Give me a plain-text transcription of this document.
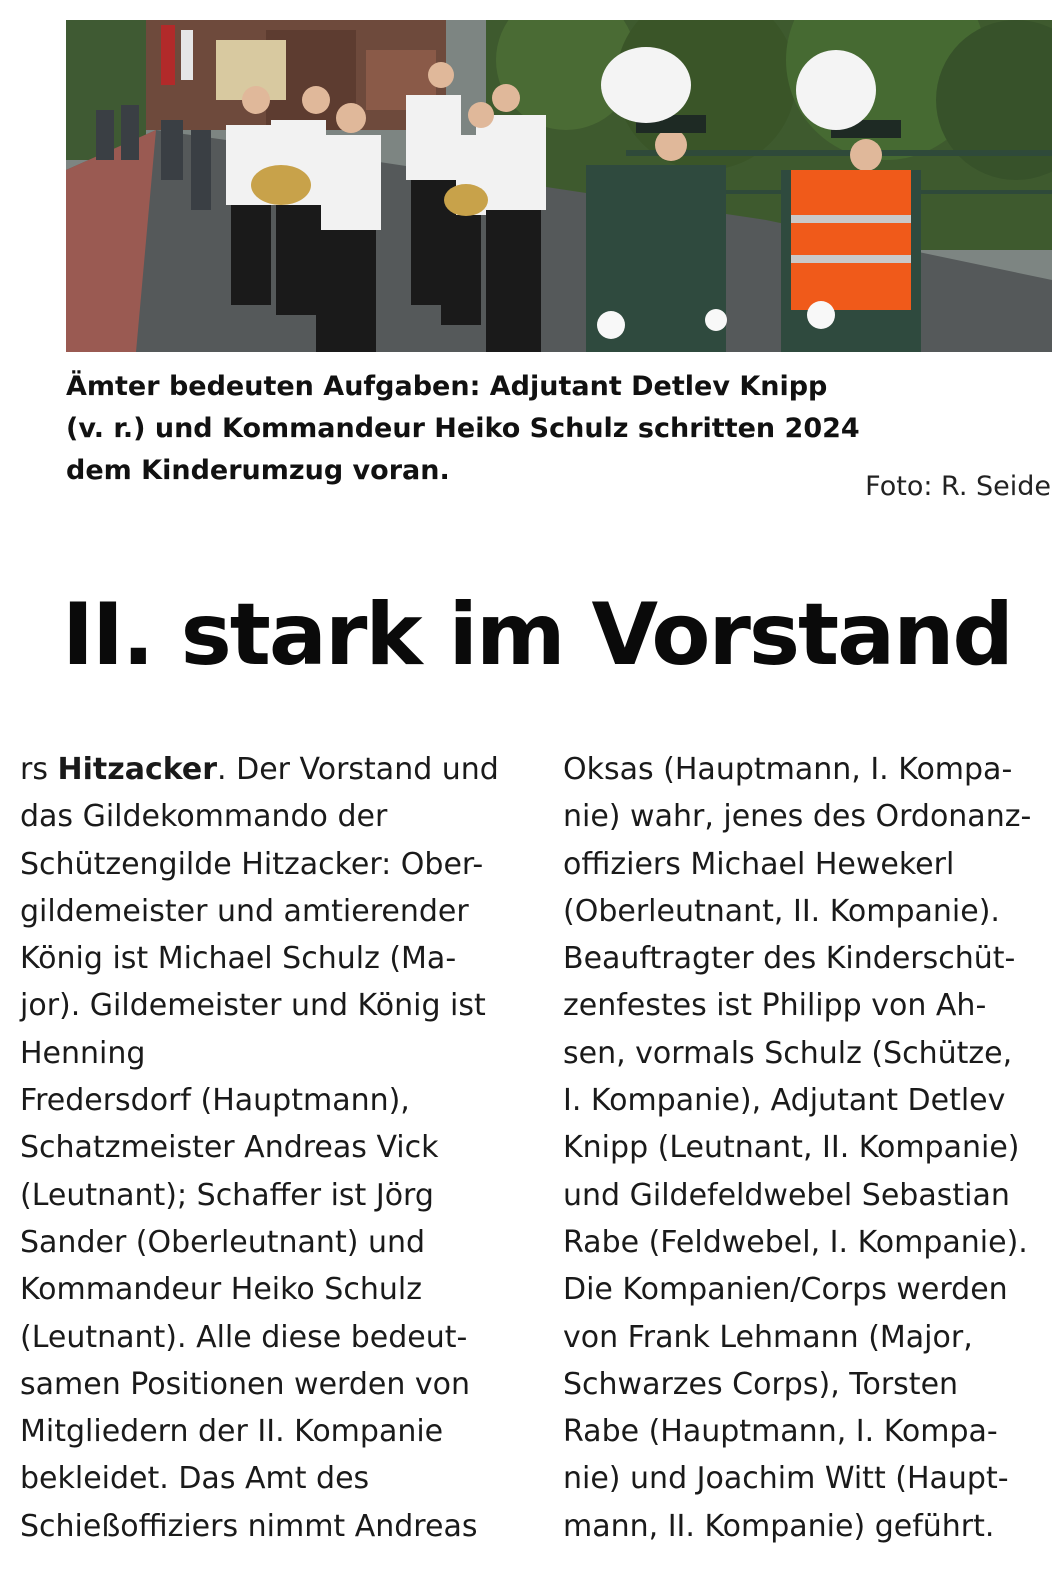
Ämter bedeuten Aufgaben: Adjutant Detlev Knipp
(v. r.) und Kommandeur Heiko Schulz schritten 2024
dem Kinderumzug voran.
Foto: R. Seide
II. stark im Vorstand
rs Hitzacker. Der Vorstand und
das Gildekommando der
Schützengilde Hitzacker: Ober-
gildemeister und amtierender
König ist Michael Schulz (Ma-
jor). Gildemeister und König ist
Henning
Fredersdorf (Hauptmann),
Schatzmeister Andreas Vick
(Leutnant); Schaffer ist Jörg
Sander (Oberleutnant) und
Kommandeur Heiko Schulz
(Leutnant). Alle diese bedeut-
samen Positionen werden von
Mitgliedern der II. Kompanie
bekleidet. Das Amt des
Schießoffiziers nimmt Andreas
Oksas (Hauptmann, I. Kompa-
nie) wahr, jenes des Ordonanz-
offiziers Michael Hewekerl
(Oberleutnant, II. Kompanie).
Beauftragter des Kinderschüt-
zenfestes ist Philipp von Ah-
sen, vormals Schulz (Schütze,
I. Kompanie), Adjutant Detlev
Knipp (Leutnant, II. Kompanie)
und Gildefeldwebel Sebastian
Rabe (Feldwebel, I. Kompanie).
Die Kompanien/Corps werden
von Frank Lehmann (Major,
Schwarzes Corps), Torsten
Rabe (Hauptmann, I. Kompa-
nie) und Joachim Witt (Haupt-
mann, II. Kompanie) geführt.
